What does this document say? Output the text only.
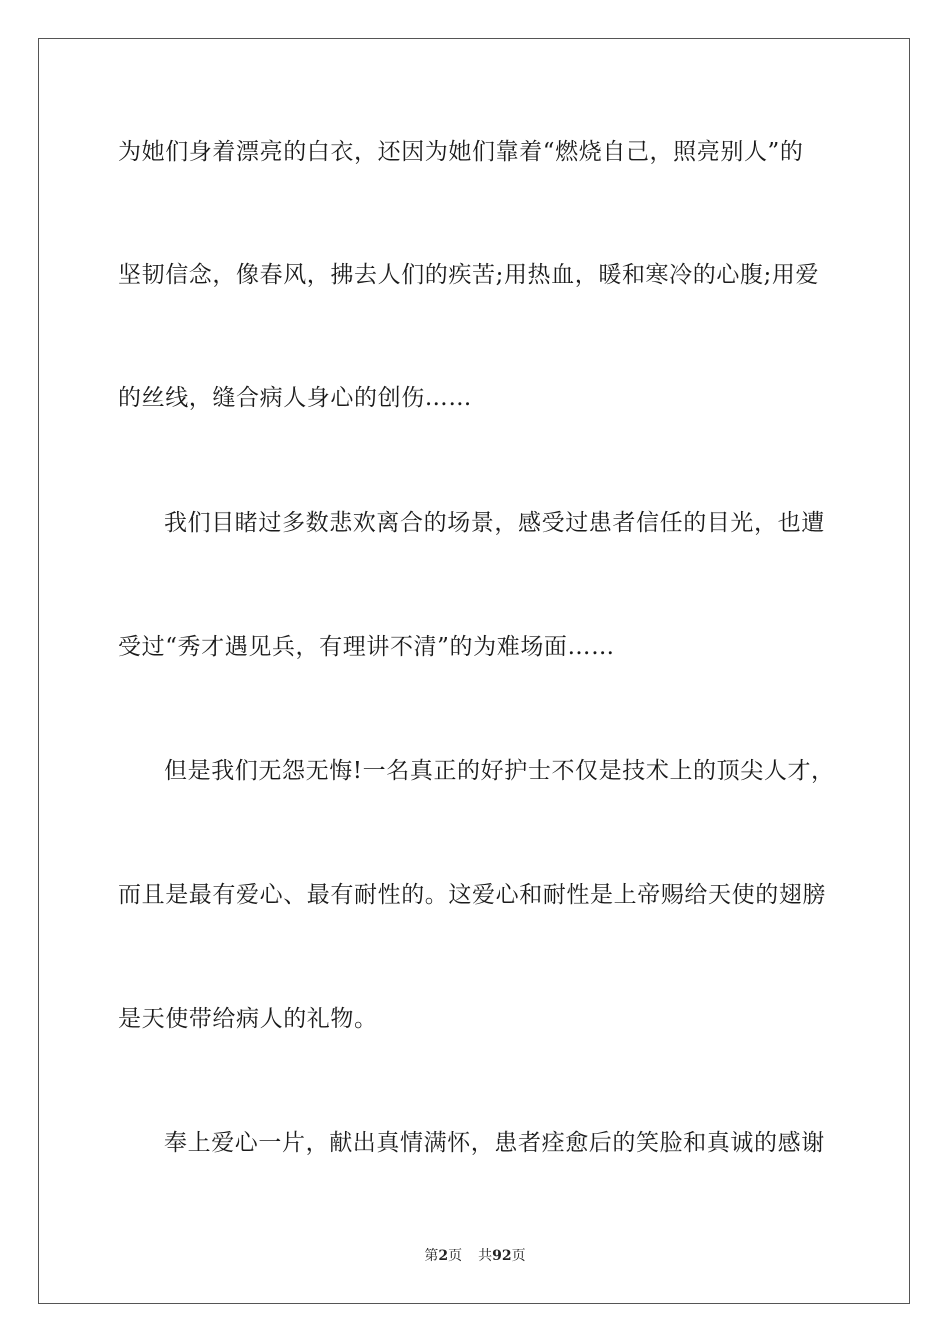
为她们身着漂亮的白衣，还因为她们靠着“燃烧自己，照亮别人”的

坚韧信念，像春风，拂去人们的疾苦;用热血，暖和寒冷的心腹;用爱

的丝线，缝合病人身心的创伤……

我们目睹过多数悲欢离合的场景，感受过患者信任的目光，也遭

受过“秀才遇见兵，有理讲不清”的为难场面……

但是我们无怨无悔!一名真正的好护士不仅是技术上的顶尖人才，

而且是最有爱心、最有耐性的。这爱心和耐性是上帝赐给天使的翅膀

是天使带给病人的礼物。

奉上爱心一片，献出真情满怀，患者痊愈后的笑脸和真诚的感谢

第2页 共92页
